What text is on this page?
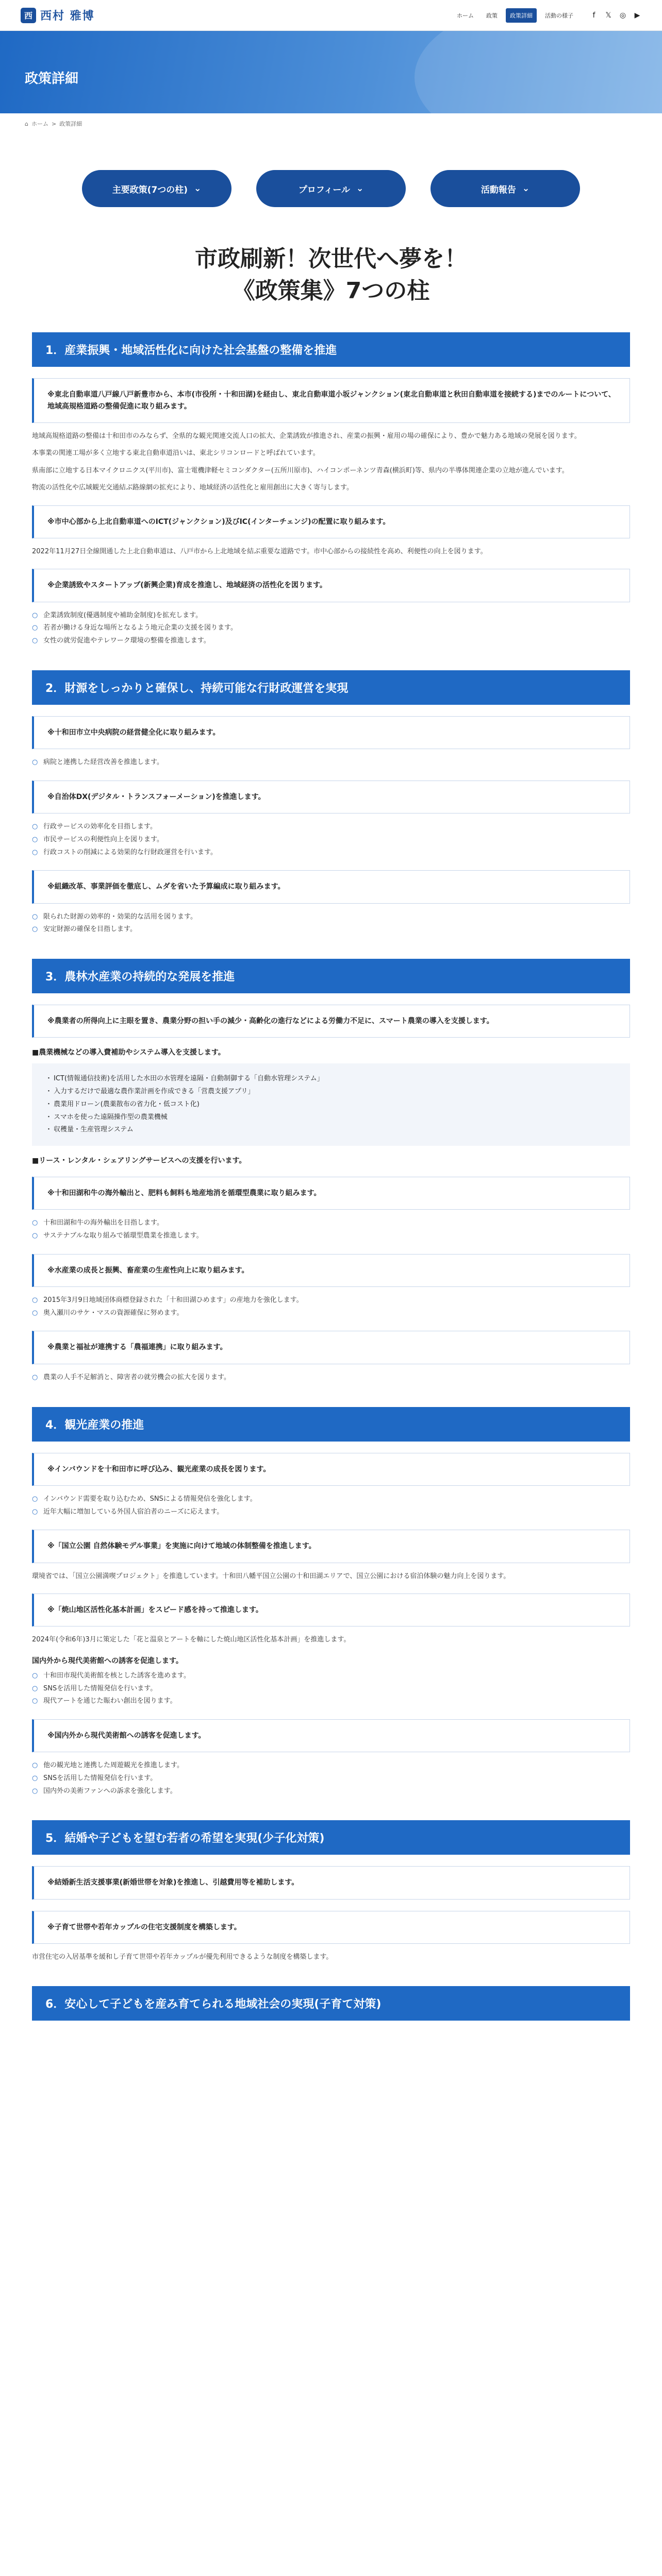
西 西村 雅博	ホーム	政策	政策詳細	活動の様子	f	𝕏 ◎ ▶
政策詳細
⌂ ホーム > 政策詳細
主要政策(7つの柱) ⌄	プロフィール ⌄	活動報告 ⌄
市政刷新！次世代へ夢を！
《政策集》7つの柱
1．産業振興・地域活性化に向けた社会基盤の整備を推進
※東北自動車道八戸線八戸新豊市から、本市(市役所・十和田湖)を経由し、東北自動車道小坂ジャンクション(東北自動車道と秋田自動車道を接続する)までのルートについて、地域高規格道路の整備促進に取り組みます。

地域高規格道路の整備は十和田市のみならず、全県的な観光関連交流人口の拡大、企業誘致が推進され、産業の振興・雇用の場の確保により、豊かで魅力ある地域の発展を図ります。

本事業の関連工場が多く立地する東北自動車道沿いは、東北シリコンロードと呼ばれています。

県南部に立地する日本マイクロニクス(平川市)、富士電機津軽セミコンダクター(五所川原市)、ハイコンポーネンツ青森(横浜町)等、県内の半導体関連企業の立地が進んでいます。

物流の活性化や広域観光交通結ぶ路線網の拡充により、地域経済の活性化と雇用創出に大きく寄与します。

※市中心部から上北自動車道へのICT(ジャンクション)及びIC(インターチェンジ)の配置に取り組みます。

2022年11月27日全線開通した上北自動車道は、八戸市から上北地域を結ぶ重要な道路です。市中心部からの接続性を高め、利便性の向上を図ります。

※企業誘致やスタートアップ(新興企業)育成を推進し、地域経済の活性化を図ります。
○ 企業誘致制度(優遇制度や補助金制度)を拡充します。
○ 若者が働ける身近な場所となるよう地元企業の支援を図ります。
○ 女性の就労促進やテレワーク環境の整備を推進します。
2．財源をしっかりと確保し、持続可能な行財政運営を実現
※十和田市立中央病院の経営健全化に取り組みます。
○ 病院と連携した経営改善を推進します。
※自治体DX(デジタル・トランスフォーメーション)を推進します。
○ 行政サービスの効率化を目指します。
○ 市民サービスの利便性向上を図ります。
○ 行政コストの削減による効果的な行財政運営を行います。
※組織改革、事業評価を徹底し、ムダを省いた予算編成に取り組みます。
○ 限られた財源の効率的・効果的な活用を図ります。
○ 安定財源の確保を目指します。
3．農林水産業の持続的な発展を推進
※農業者の所得向上に主眼を置き、農業分野の担い手の減少・高齢化の進行などによる労働力不足に、スマート農業の導入を支援します。
■農業機械などの導入費補助やシステム導入を支援します。
・ ICT(情報通信技術)を活用した水田の水管理を遠隔・自動制御する「自動水管理システム」
・ 入力するだけで最適な農作業計画を作成できる「営農支援アプリ」
・ 農業用ドローン(農薬散布の省力化・低コスト化)
・ スマホを使った遠隔操作型の農業機械
・ 収穫量・生産管理システム
■リース・レンタル・シェアリングサービスへの支援を行います。
※十和田湖和牛の海外輸出と、肥料も飼料も地産地消を循環型農業に取り組みます。
○ 十和田湖和牛の海外輸出を目指します。
○ サステナブルな取り組みで循環型農業を推進します。
※水産業の成長と振興、畜産業の生産性向上に取り組みます。
○ 2015年3月9日地域団体商標登録された「十和田湖ひめます」の産地力を強化します。
○ 奥入瀬川のサケ・マスの資源確保に努めます。
※農業と福祉が連携する「農福連携」に取り組みます。
○ 農業の人手不足解消と、障害者の就労機会の拡大を図ります。
4．観光産業の推進
※インバウンドを十和田市に呼び込み、観光産業の成長を図ります。
○ インバウンド需要を取り込むため、SNSによる情報発信を強化します。
○ 近年大幅に増加している外国人宿泊者のニーズに応えます。
※「国立公園 自然体験モデル事業」を実施に向けて地域の体制整備を推進します。

環境省では、「国立公園満喫プロジェクト」を推進しています。十和田八幡平国立公園の十和田湖エリアで、国立公園における宿泊体験の魅力向上を図ります。

※「焼山地区活性化基本計画」をスピード感を持って推進します。

2024年(令和6年)3月に策定した「花と温泉とアートを軸にした焼山地区活性化基本計画」を推進します。

国内外から現代美術館への誘客を促進します。
○ 十和田市現代美術館を核とした誘客を進めます。
○ SNSを活用した情報発信を行います。
○ 現代アートを通じた賑わい創出を図ります。
※国内外から現代美術館への誘客を促進します。
○ 他の観光地と連携した周遊観光を推進します。
○ SNSを活用した情報発信を行います。
○ 国内外の美術ファンへの訴求を強化します。
5．結婚や子どもを望む若者の希望を実現(少子化対策)
※結婚新生活支援事業(新婚世帯を対象)を推進し、引越費用等を補助します。
※子育て世帯や若年カップルの住宅支援制度を構築します。

市営住宅の入居基準を緩和し子育て世帯や若年カップルが優先利用できるような制度を構築します。

6．安心して子どもを産み育てられる地域社会の実現(子育て対策)
